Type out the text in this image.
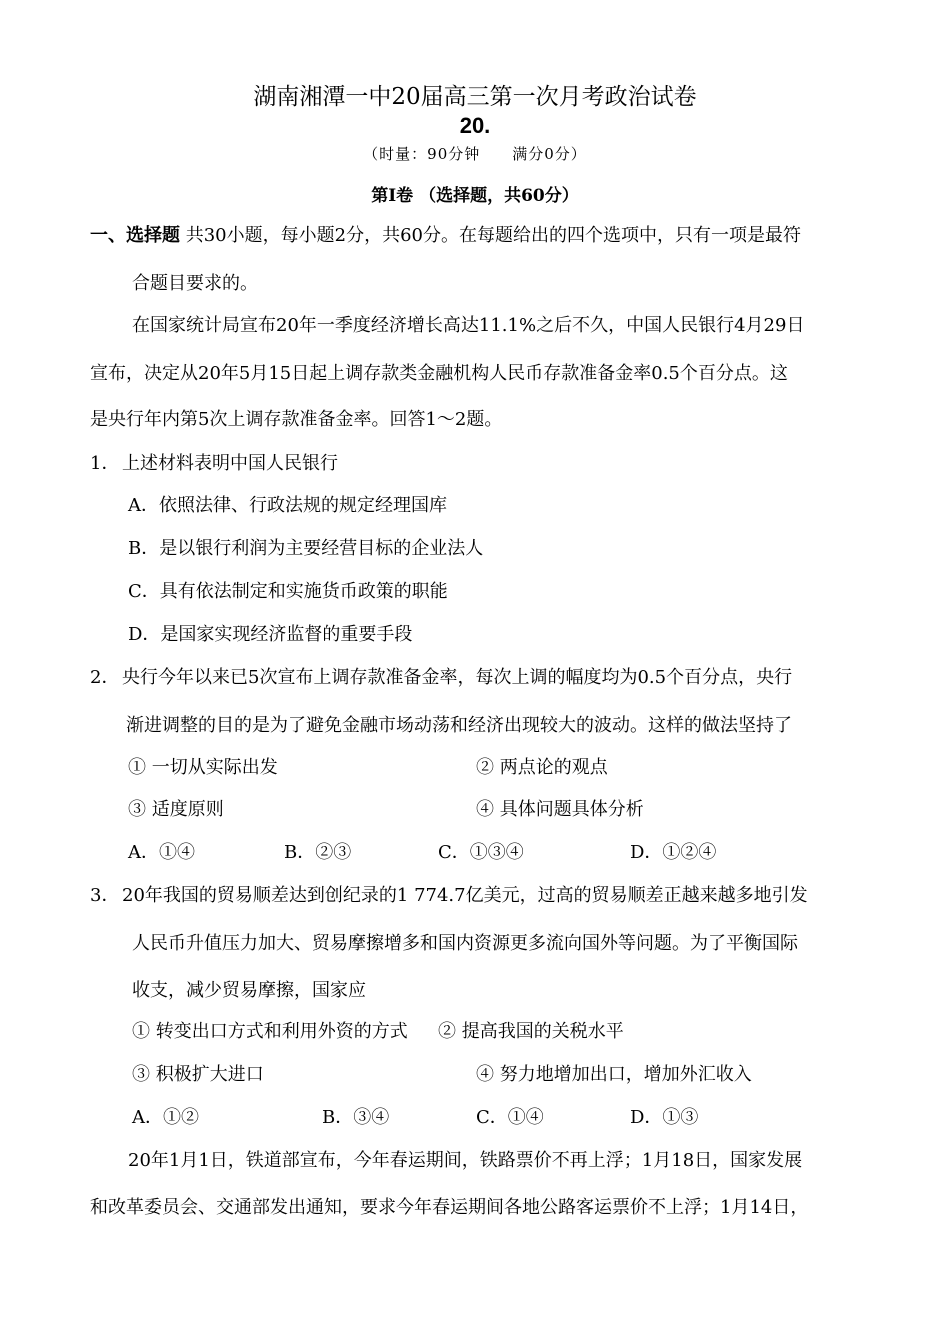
湖南湘潭一中20届高三第一次月考政治试卷
20.
（时量：90分钟　　满分0分）
第Ⅰ卷 （选择题，共60分）
一、选择题 共30小题，每小题2分，共60分。在每题给出的四个选项中，只有一项是最符
合题目要求的。
在国家统计局宣布20年一季度经济增长高达11.1%之后不久，中国人民银行4月29日
宣布，决定从20年5月15日起上调存款类金融机构人民币存款准备金率0.5个百分点。这
是央行年内第5次上调存款准备金率。回答1～2题。
1． 上述材料表明中国人民银行
A．依照法律、行政法规的规定经理国库
B．是以银行利润为主要经营目标的企业法人
C．具有依法制定和实施货币政策的职能
D．是国家实现经济监督的重要手段
2． 央行今年以来已5次宣布上调存款准备金率，每次上调的幅度均为0.5个百分点，央行
渐进调整的目的是为了避免金融市场动荡和经济出现较大的波动。这样的做法坚持了
① 一切从实际出发	② 两点论的观点
③ 适度原则	④ 具体问题具体分析
A．①④	B．②③	C．①③④	D．①②④
3． 20年我国的贸易顺差达到创纪录的1 774.7亿美元，过高的贸易顺差正越来越多地引发
人民币升值压力加大、贸易摩擦增多和国内资源更多流向国外等问题。为了平衡国际
收支，减少贸易摩擦，国家应
① 转变出口方式和利用外资的方式 ② 提高我国的关税水平
③ 积极扩大进口	④ 努力地增加出口，增加外汇收入
A．①②	B．③④	C．①④	D．①③
20年1月1日，铁道部宣布，今年春运期间，铁路票价不再上浮；1月18日，国家发展
和改革委员会、交通部发出通知，要求今年春运期间各地公路客运票价不上浮；1月14日，
